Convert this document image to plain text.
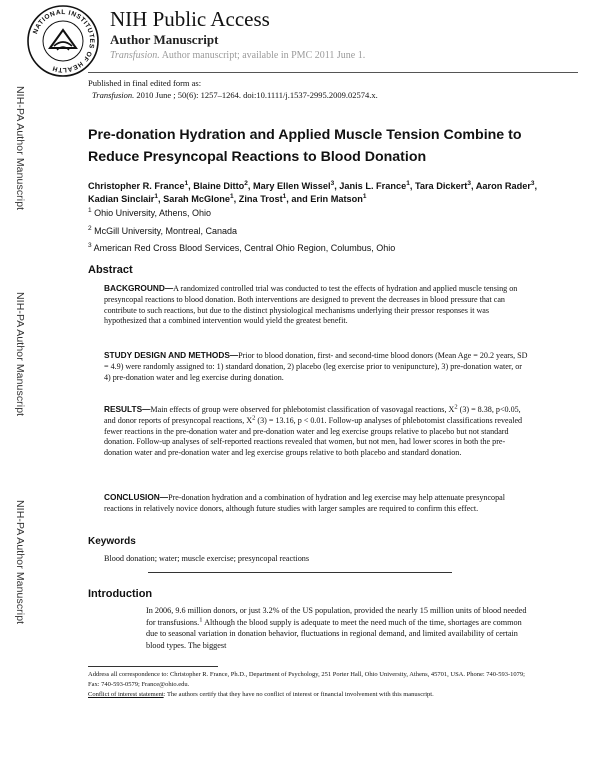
NATIONAL INSTITUTES OF HEALTH
NIH Public Access
Author Manuscript
Transfusion. Author manuscript; available in PMC 2011 June 1.
NIH-PA Author Manuscript
NIH-PA Author Manuscript
NIH-PA Author Manuscript
Published in final edited form as:
Transfusion. 2010 June ; 50(6): 1257–1264. doi:10.1111/j.1537-2995.2009.02574.x.
Pre-donation Hydration and Applied Muscle Tension Combine to
Reduce Presyncopal Reactions to Blood Donation
Christopher R. France$^1$, Blaine Ditto$^2$, Mary Ellen Wissel$^3$, Janis L. France$^1$, Tara Dickert$^3$, Aaron Rader$^3$, Kadian Sinclair$^1$, Sarah McGlone$^1$, Zina Trost$^1$, and Erin Matson$^1$
$^1$ Ohio University, Athens, Ohio
$^2$ McGill University, Montreal, Canada
$^3$ American Red Cross Blood Services, Central Ohio Region, Columbus, Ohio
Abstract

BACKGROUND—A randomized controlled trial was conducted to test the effects of hydration and applied muscle tensing on presyncopal reactions to blood donation. Both interventions are designed to prevent the decreases in blood pressure that can contribute to such reactions, but due to the distinct physiological mechanisms underlying their pressor responses it was hypothesized that a combined intervention would yield the greatest benefit.

STUDY DESIGN AND METHODS—Prior to blood donation, first- and second-time blood donors (Mean Age = 20.2 years, SD = 4.9) were randomly assigned to: 1) standard donation, 2) placebo (leg exercise prior to venipuncture), 3) pre-donation water, or 4) pre-donation water and leg exercise during donation.

RESULTS—Main effects of group were observed for phlebotomist classification of vasovagal reactions, $X^2$ (3) = 8.38, p<0.05, and donor reports of presyncopal reactions, $X^2$ (3) = 13.16, p < 0.01. Follow-up analyses of phlebotomist classifications revealed fewer reactions in the pre-donation water and pre-donation water and leg exercise groups relative to placebo but not standard donation. Follow-up analyses of self-reported reactions revealed that women, but not men, had lower scores in both the pre-donation water and pre-donation water and leg exercise groups relative to both placebo and standard donation.

CONCLUSION—Pre-donation hydration and a combination of hydration and leg exercise may help attenuate presyncopal reactions in relatively novice donors, although future studies with larger samples are required to confirm this effect.

Keywords
Blood donation; water; muscle exercise; presyncopal reactions
Introduction

In 2006, 9.6 million donors, or just 3.2% of the US population, provided the nearly 15 million units of blood needed for transfusions.$^1$ Although the blood supply is adequate to meet the need much of the time, shortages are common due to seasonal variation in donation behavior, fluctuations in regional demand, and limited availability of certain blood types. The biggest

Address all correspondence to: Christopher R. France, Ph.D., Department of Psychology, 251 Porter Hall, Ohio University, Athens, 45701, USA. Phone: 740-593-1079; Fax: 740-593-0579; France@ohio.edu.
Conflict of interest statement: The authors certify that they have no conflict of interest or financial involvement with this manuscript.
